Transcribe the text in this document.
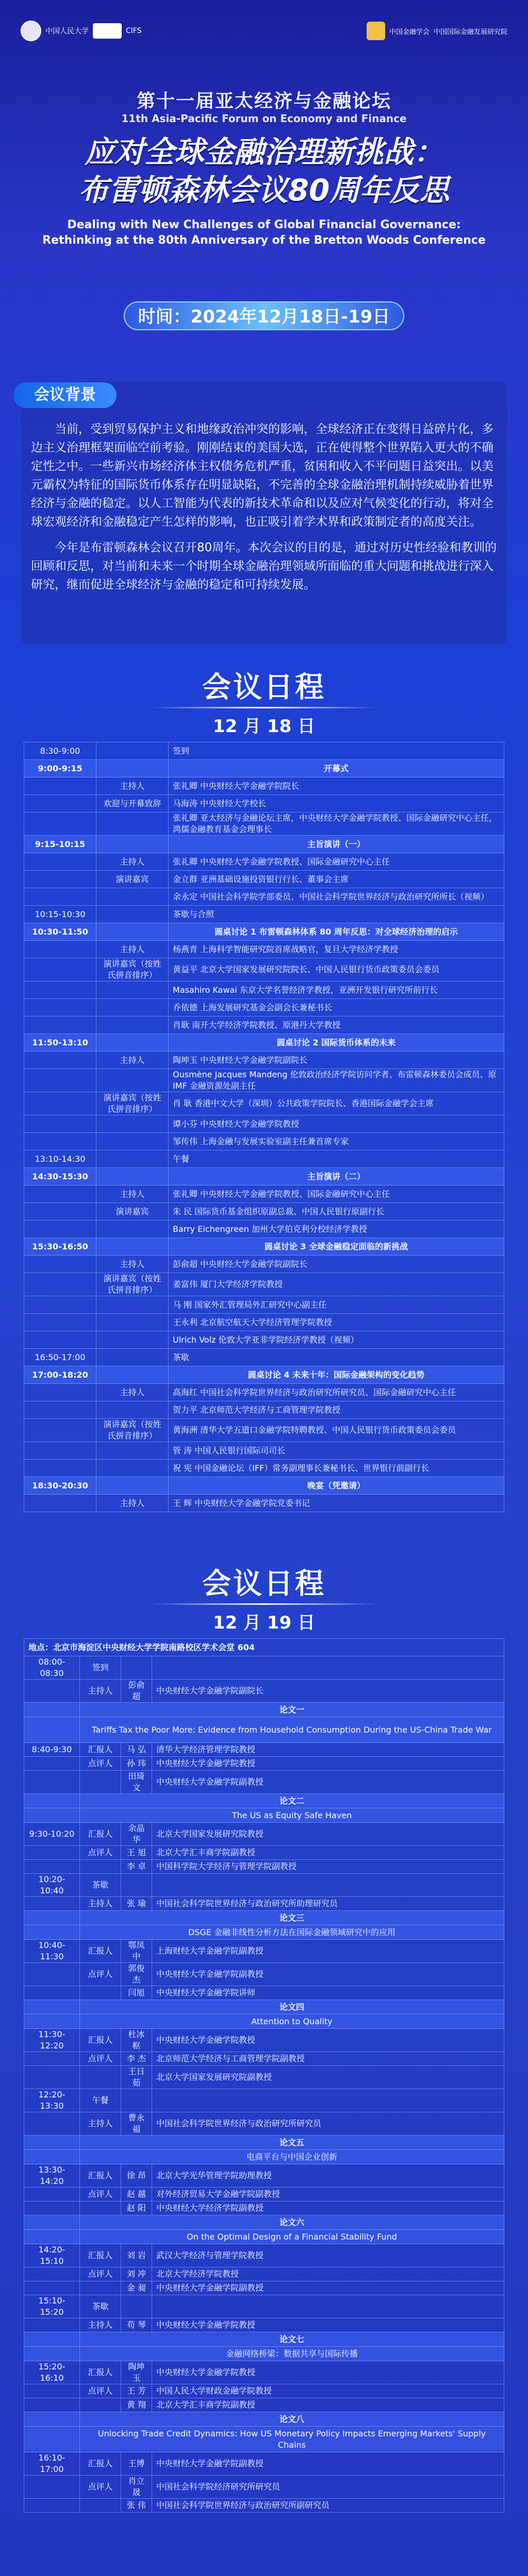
中国人民大学	CIFS	中国金融学会 中国国际金融发展研究院
第十一届亚太经济与金融论坛
11th Asia-Pacific Forum on Economy and Finance
应对全球金融治理新挑战：
布雷顿森林会议80周年反思
Dealing with New Challenges of Global Financial Governance:
Rethinking at the 80th Anniversary of the Bretton Woods Conference
时间：2024年12月18日-19日
会议背景

当前，受到贸易保护主义和地缘政治冲突的影响，全球经济正在变得日益碎片化，多边主义治理框架面临空前考验。刚刚结束的美国大选，正在使得整个世界陷入更大的不确定性之中。一些新兴市场经济体主权债务危机严重，贫困和收入不平问题日益突出。以美元霸权为特征的国际货币体系存在明显缺陷，不完善的全球金融治理机制持续威胁着世界经济与金融的稳定。以人工智能为代表的新技术革命和以及应对气候变化的行动，将对全球宏观经济和金融稳定产生怎样的影响，也正吸引着学术界和政策制定者的高度关注。

今年是布雷顿森林会议召开80周年。本次会议的目的是，通过对历史性经验和教训的回顾和反思，对当前和未来一个时期全球金融治理领域所面临的重大问题和挑战进行深入研究，继而促进全球经济与金融的稳定和可持续发展。

会议日程
12 月 18 日
8:30-9:00		签到
9:00-9:15		开幕式
	主持人	张礼卿 中央财经大学金融学院院长
	欢迎与开幕致辞	马海涛 中央财经大学校长
		张礼卿 亚太经济与金融论坛主席，中央财经大学金融学院教授、国际金融研究中心主任，鸿儒金融教育基金会理事长
9:15-10:15		主旨演讲（一）
	主持人	张礼卿 中央财经大学金融学院教授、国际金融研究中心主任
	演讲嘉宾	金立群 亚洲基础设施投资银行行长、董事会主席
		余永定 中国社会科学院学部委员、中国社会科学院世界经济与政治研究所所长（视频）
10:15-10:30		茶歇与合照
10:30-11:50		圆桌讨论 1 布雷顿森林体系 80 周年反思：对全球经济治理的启示
	主持人	杨燕青 上海科学智能研究院首席战略官，复旦大学经济学教授
	演讲嘉宾（按姓氏拼音排序）	黄益平 北京大学国家发展研究院院长、中国人民银行货币政策委员会委员
		Masahiro Kawai 东京大学名誉经济学教授，亚洲开发银行研究所前行长
		乔依德 上海发展研究基金会副会长兼秘书长
		肖耿 南开大学经济学院教授、原港丹大学教授
11:50-13:10		圆桌讨论 2 国际货币体系的未来
	主持人	陶坤玉 中央财经大学金融学院副院长
		Ousmène Jacques Mandeng 伦敦政治经济学院访问学者、布雷顿森林委员会成员、原 IMF 金融资源处副主任
	演讲嘉宾（按姓氏拼音排序）	肖 耿 香港中文大学（深圳）公共政策学院院长、香港国际金融学会主席
		谭小芬 中央财经大学金融学院教授
		邹传伟 上海金融与发展实验室副主任兼首席专家
13:10-14:30		午餐
14:30-15:30		主旨演讲（二）
	主持人	张礼卿 中央财经大学金融学院教授、国际金融研究中心主任
	演讲嘉宾	朱 民 国际货币基金组织原副总裁、中国人民银行原副行长
		Barry Eichengreen 加州大学伯克利分校经济学教授
15:30-16:50		圆桌讨论 3 全球金融稳定面临的新挑战
	主持人	彭俞超 中央财经大学金融学院副院长
	演讲嘉宾（按姓氏拼音排序）	姜富伟 厦门大学经济学院教授
		马 刚 国家外汇管理局外汇研究中心副主任
		王永利 北京航空航天大学经济管理学院教授
		Ulrich Volz 伦敦大学亚非学院经济学教授（视频）
16:50-17:00		茶歇
17:00-18:20		圆桌讨论 4 未来十年：国际金融架构的变化趋势
	主持人	高海红 中国社会科学院世界经济与政治研究所研究员、国际金融研究中心主任
		贺力平 北京师范大学经济与工商管理学院教授
	演讲嘉宾（按姓氏拼音排序）	黄海洲 清华大学五道口金融学院特聘教授、中国人民银行货币政策委员会委员
		管 涛 中国人民银行国际司司长
		祝 宪 中国金融论坛（IFF）常务副理事长兼秘书长、世界银行前副行长
18:30-20:30		晚宴（凭邀请）
	主持人	王 辉 中央财经大学金融学院党委书记
会议日程
12 月 19 日
地点：北京市海淀区中央财经大学学院南路校区学术会堂 604			
08:00-08:30	签到		
	主持人	彭俞超	中央财经大学金融学院副院长
	论文一		
	Tariffs Tax the Poor More: Evidence from Household Consumption During the US-China Trade War		
8:40-9:30	汇报人	马 弘	清华大学经济管理学院教授
	点评人	孙 玮	中央财经大学金融学院教授
		田琦文	中央财经大学金融学院副教授
	论文二		
	The US as Equity Safe Haven		
9:30-10:20	汇报人	余晶华	北京大学国家发展研究院教授
	点评人	王 旭	北京大学汇丰商学院副教授
		李 卓	中国科学院大学经济与管理学院副教授
10:20-10:40	茶歇		
	主持人	张 瑜	中国社会科学院世界经济与政治研究所助理研究员
	论文三		
	DSGE 金融非线性分析方法在国际金融领域研究中的应用		
10:40-11:30	汇报人	鄂凤中	上海财经大学金融学院副教授
	点评人	郭俊杰	中央财经大学金融学院副教授
		闫旭	中央财经大学金融学院讲师
	论文四		
	Attention to Quality		
11:30-12:20	汇报人	杜冰枢	中央财经大学金融学院教授
	点评人	李 杰	北京师范大学经济与工商管理学院副教授
		王日茹	北京大学国家发展研究院副教授
12:20-13:30	午餐		
	主持人	曹永福	中国社会科学院世界经济与政治研究所研究员
	论文五		
	电商平台与中国企业创新		
13:30-14:20	汇报人	徐 昂	北京大学光华管理学院助理教授
	点评人	赵 越	对外经济贸易大学金融学院副教授
		赵 阳	中央财经大学经济学院副教授
	论文六		
	On the Optimal Design of a Financial Stability Fund		
14:20-15:10	汇报人	刘 岩	武汉大学经济与管理学院教授
	点评人	刘 冲	北京大学经济学院教授
		金 昶	中央财经大学金融学院副教授
15:10-15:20	茶歇		
	主持人	苟 琴	中央财经大学金融学院教授
	论文七		
	金融网络桥梁：数据共享与国际传播		
15:20-16:10	汇报人	陶坤玉	中央财经大学金融学院教授
	点评人	王 芳	中国人民大学财政金融学院教授
		黄 翔	北京大学汇丰商学院副教授
	论文八		
	Unlocking Trade Credit Dynamics: How US Monetary Policy Impacts Emerging Markets' Supply Chains		
16:10-17:00	汇报人	王博	中央财经大学金融学院副教授
	点评人	肖立晟	中国社会科学院经济研究所研究员
		张 伟	中国社会科学院世界经济与政治研究所副研究员
